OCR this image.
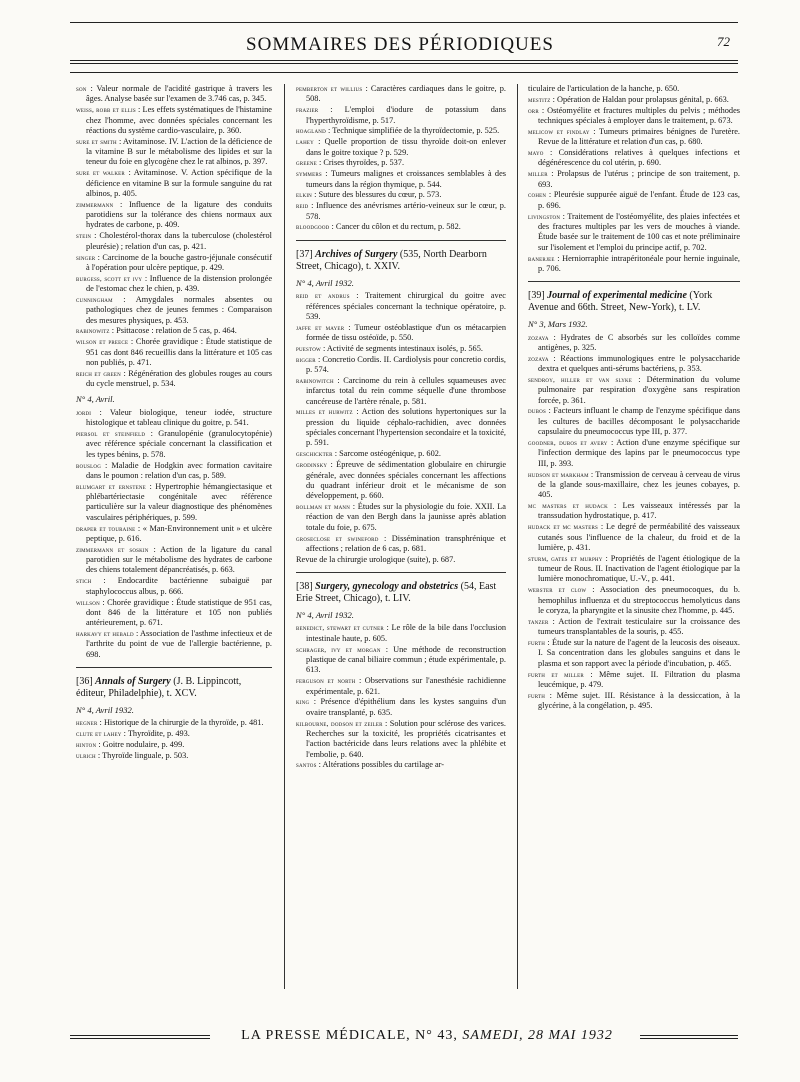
SOMMAIRES DES PÉRIODIQUES	72
son : Valeur normale de l'acidité gastrique à travers les âges. Analyse basée sur l'examen de 3.746 cas, p. 345.
weiss, robb et ellis : Les effets systématiques de l'histamine chez l'homme, avec données spéciales concernant les réactions du système cardio-vasculaire, p. 360.
sure et smith : Avitaminose. IV. L'action de la déficience de la vitamine B sur le métabolisme des lipides et sur la teneur du foie en glycogène chez le rat albinos, p. 397.
sure et walker : Avitaminose. V. Action spécifique de la déficience en vitamine B sur la formule sanguine du rat albinos, p. 405.
zimmermann : Influence de la ligature des conduits parotidiens sur la tolérance des chiens normaux aux hydrates de carbone, p. 409.
stein : Cholestérol-thorax dans la tuberculose (cholestérol pleurésie) ; relation d'un cas, p. 421.
singer : Carcinome de la bouche gastro-jéjunale consécutif à l'opération pour ulcère peptique, p. 429.
burgess, scott et ivy : Influence de la distension prolongée de l'estomac chez le chien, p. 439.
cunningham : Amygdales normales absentes ou pathologiques chez de jeunes femmes : Comparaison des mesures physiques, p. 453.
rabinowitz : Psittacose : relation de 5 cas, p. 464.
wilson et preece : Chorée gravidique : Étude statistique de 951 cas dont 846 recueillis dans la littérature et 105 cas non publiés, p. 471.
reich et green : Régénération des globules rouges au cours du cycle menstruel, p. 534.
N° 4, Avril.
jordi : Valeur biologique, teneur iodée, structure histologique et tableau clinique du goitre, p. 541.
piersol et steinfield : Granulopénie (granulocytopénie) avec référence spéciale concernant la classification et les types bénins, p. 578.
bouslog : Maladie de Hodgkin avec formation cavitaire dans le poumon : relation d'un cas, p. 589.
blumgart et ernstene : Hypertrophie hémangiectasique et phlébartériectasie congénitale avec référence particulière sur la valeur diagnostique des phénomènes vasculaires périphériques, p. 599.
draper et touraine : « Man-Environnement unit » et ulcère peptique, p. 616.
zimmermann et soskin : Action de la ligature du canal parotidien sur le métabolisme des hydrates de carbone des chiens totalement dépancréatisés, p. 663.
stich : Endocardite bactérienne subaiguë par staphylococcus albus, p. 666.
willson : Chorée gravidique : Étude statistique de 951 cas, dont 846 de la littérature et 105 non publiés antérieurement, p. 671.
harkavy et hebald : Association de l'asthme infectieux et de l'arthrite du point de vue de l'allergie bactérienne, p. 698.
[36] Annals of Surgery (J. B. Lippincott, éditeur, Philadelphie), t. XCV.
N° 4, Avril 1932.
hegner : Historique de la chirurgie de la thyroïde, p. 481.
clute et lahey : Thyroïdite, p. 493.
hinton : Goitre nodulaire, p. 499.
ulrich : Thyroïde linguale, p. 503.
pemberton et willius : Caractères cardiaques dans le goitre, p. 508.
frazier : L'emploi d'iodure de potassium dans l'hyperthyroïdisme, p. 517.
hoagland : Technique simplifiée de la thyroïdectomie, p. 525.
lahey : Quelle proportion de tissu thyroïde doit-on enlever dans le goitre toxique ? p. 529.
greene : Crises thyroïdes, p. 537.
symmers : Tumeurs malignes et croissances semblables à des tumeurs dans la région thymique, p. 544.
elkin : Suture des blessures du cœur, p. 573.
reid : Influence des anévrismes artério-veineux sur le cœur, p. 578.
bloodgood : Cancer du côlon et du rectum, p. 582.
[37] Archives of Surgery (535, North Dearborn Street, Chicago), t. XXIV.
N° 4, Avril 1932.
reid et andrus : Traitement chirurgical du goitre avec références spéciales concernant la technique opératoire, p. 539.
jaffe et mayer : Tumeur ostéoblastique d'un os métacarpien formée de tissu ostéoïde, p. 550.
puestow : Activité de segments intestinaux isolés, p. 565.
bigger : Concretio Cordis. II. Cardiolysis pour concretio cordis, p. 574.
rabinowitch : Carcinome du rein à cellules squameuses avec infarctus total du rein comme séquelle d'une thrombose cancéreuse de l'artère rénale, p. 581.
milles et hurwitz : Action des solutions hypertoniques sur la pression du liquide céphalo-rachidien, avec données spéciales concernant l'hypertension secondaire et la toxicité, p. 591.
geschickter : Sarcome ostéogénique, p. 602.
grodinsky : Épreuve de sédimentation globulaire en chirurgie générale, avec données spéciales concernant les affections du quadrant inférieur droit et le mécanisme de son développement, p. 660.
bollman et mann : Études sur la physiologie du foie. XXII. La réaction de van den Bergh dans la jaunisse après ablation totale du foie, p. 675.
groseclose et swineford : Dissémination transphrénique et affections ; relation de 6 cas, p. 681.
Revue de la chirurgie urologique (suite), p. 687.
[38] Surgery, gynecology and obstetrics (54, East Erie Street, Chicago), t. LIV.
N° 4, Avril 1932.
benedict, stewart et cutner : Le rôle de la bile dans l'occlusion intestinale haute, p. 605.
schrager, ivy et morgan : Une méthode de reconstruction plastique de canal biliaire commun ; étude expérimentale, p. 613.
ferguson et north : Observations sur l'anesthésie rachidienne expérimentale, p. 621.
king : Présence d'épithélium dans les kystes sanguins d'un ovaire transplanté, p. 635.
kilbourne, dodson et zeiler : Solution pour sclérose des varices. Recherches sur la toxicité, les propriétés cicatrisantes et l'action bactéricide dans leurs relations avec la phlébite et l'embolie, p. 640.
santos : Altérations possibles du cartilage ar-
ticulaire de l'articulation de la hanche, p. 650.
mestitz : Opération de Haldan pour prolapsus génital, p. 663.
orr : Ostéomyélite et fractures multiples du pelvis ; méthodes techniques spéciales à employer dans le traitement, p. 673.
melicow et findlay : Tumeurs primaires bénignes de l'uretère. Revue de la littérature et relation d'un cas, p. 680.
mayo : Considérations relatives à quelques infections et dégénérescence du col utérin, p. 690.
miller : Prolapsus de l'utérus ; principe de son traitement, p. 693.
cohen : Pleurésie suppurée aiguë de l'enfant. Étude de 123 cas, p. 696.
livingston : Traitement de l'ostéomyélite, des plaies infectées et des fractures multiples par les vers de mouches à viande. Étude basée sur le traitement de 100 cas et note préliminaire sur l'isolement et l'emploi du principe actif, p. 702.
banerjee : Herniorraphie intrapéritonéale pour hernie inguinale, p. 706.
[39] Journal of experimental medicine (York Avenue and 66th. Street, New-York), t. LV.
N° 3, Mars 1932.
zozaya : Hydrates de C absorbés sur les colloïdes comme antigènes, p. 325.
zozaya : Réactions immunologiques entre le polysaccharide dextra et quelques anti-sérums bactériens, p. 353.
sendroy, hiller et van slyke : Détermination du volume pulmonaire par respiration d'oxygène sans respiration forcée, p. 361.
dubos : Facteurs influant le champ de l'enzyme spécifique dans les cultures de bacilles décomposant le polysaccharide capsulaire du pneumococcus type III, p. 377.
goodner, dubos et avery : Action d'une enzyme spécifique sur l'infection dermique des lapins par le pneumococcus type III, p. 393.
hudson et markham : Transmission de cerveau à cerveau de virus de la glande sous-maxillaire, chez les jeunes cobayes, p. 405.
mc masters et hudack : Les vaisseaux intéressés par la transsudation hydrostatique, p. 417.
hudack et mc masters : Le degré de perméabilité des vaisseaux cutanés sous l'influence de la chaleur, du froid et de la lumière, p. 431.
sturm, gates et murphy : Propriétés de l'agent étiologique de la tumeur de Rous. II. Inactivation de l'agent étiologique par la lumière monochromatique, U.-V., p. 441.
webster et clow : Association des pneumocoques, du b. hemophilus influenza et du streptococcus hemolyticus dans le coryza, la pharyngite et la sinusite chez l'homme, p. 445.
tanzer : Action de l'extrait testiculaire sur la croissance des tumeurs transplantables de la souris, p. 455.
furth : Étude sur la nature de l'agent de la leucosis des oiseaux. I. Sa concentration dans les globules sanguins et dans le plasma et son rapport avec la période d'incubation, p. 465.
furth et miller : Même sujet. II. Filtration du plasma leucémique, p. 479.
furth : Même sujet. III. Résistance à la dessiccation, à la glycérine, à la congélation, p. 495.
LA PRESSE MÉDICALE, N° 43, SAMEDI, 28 MAI 1932
